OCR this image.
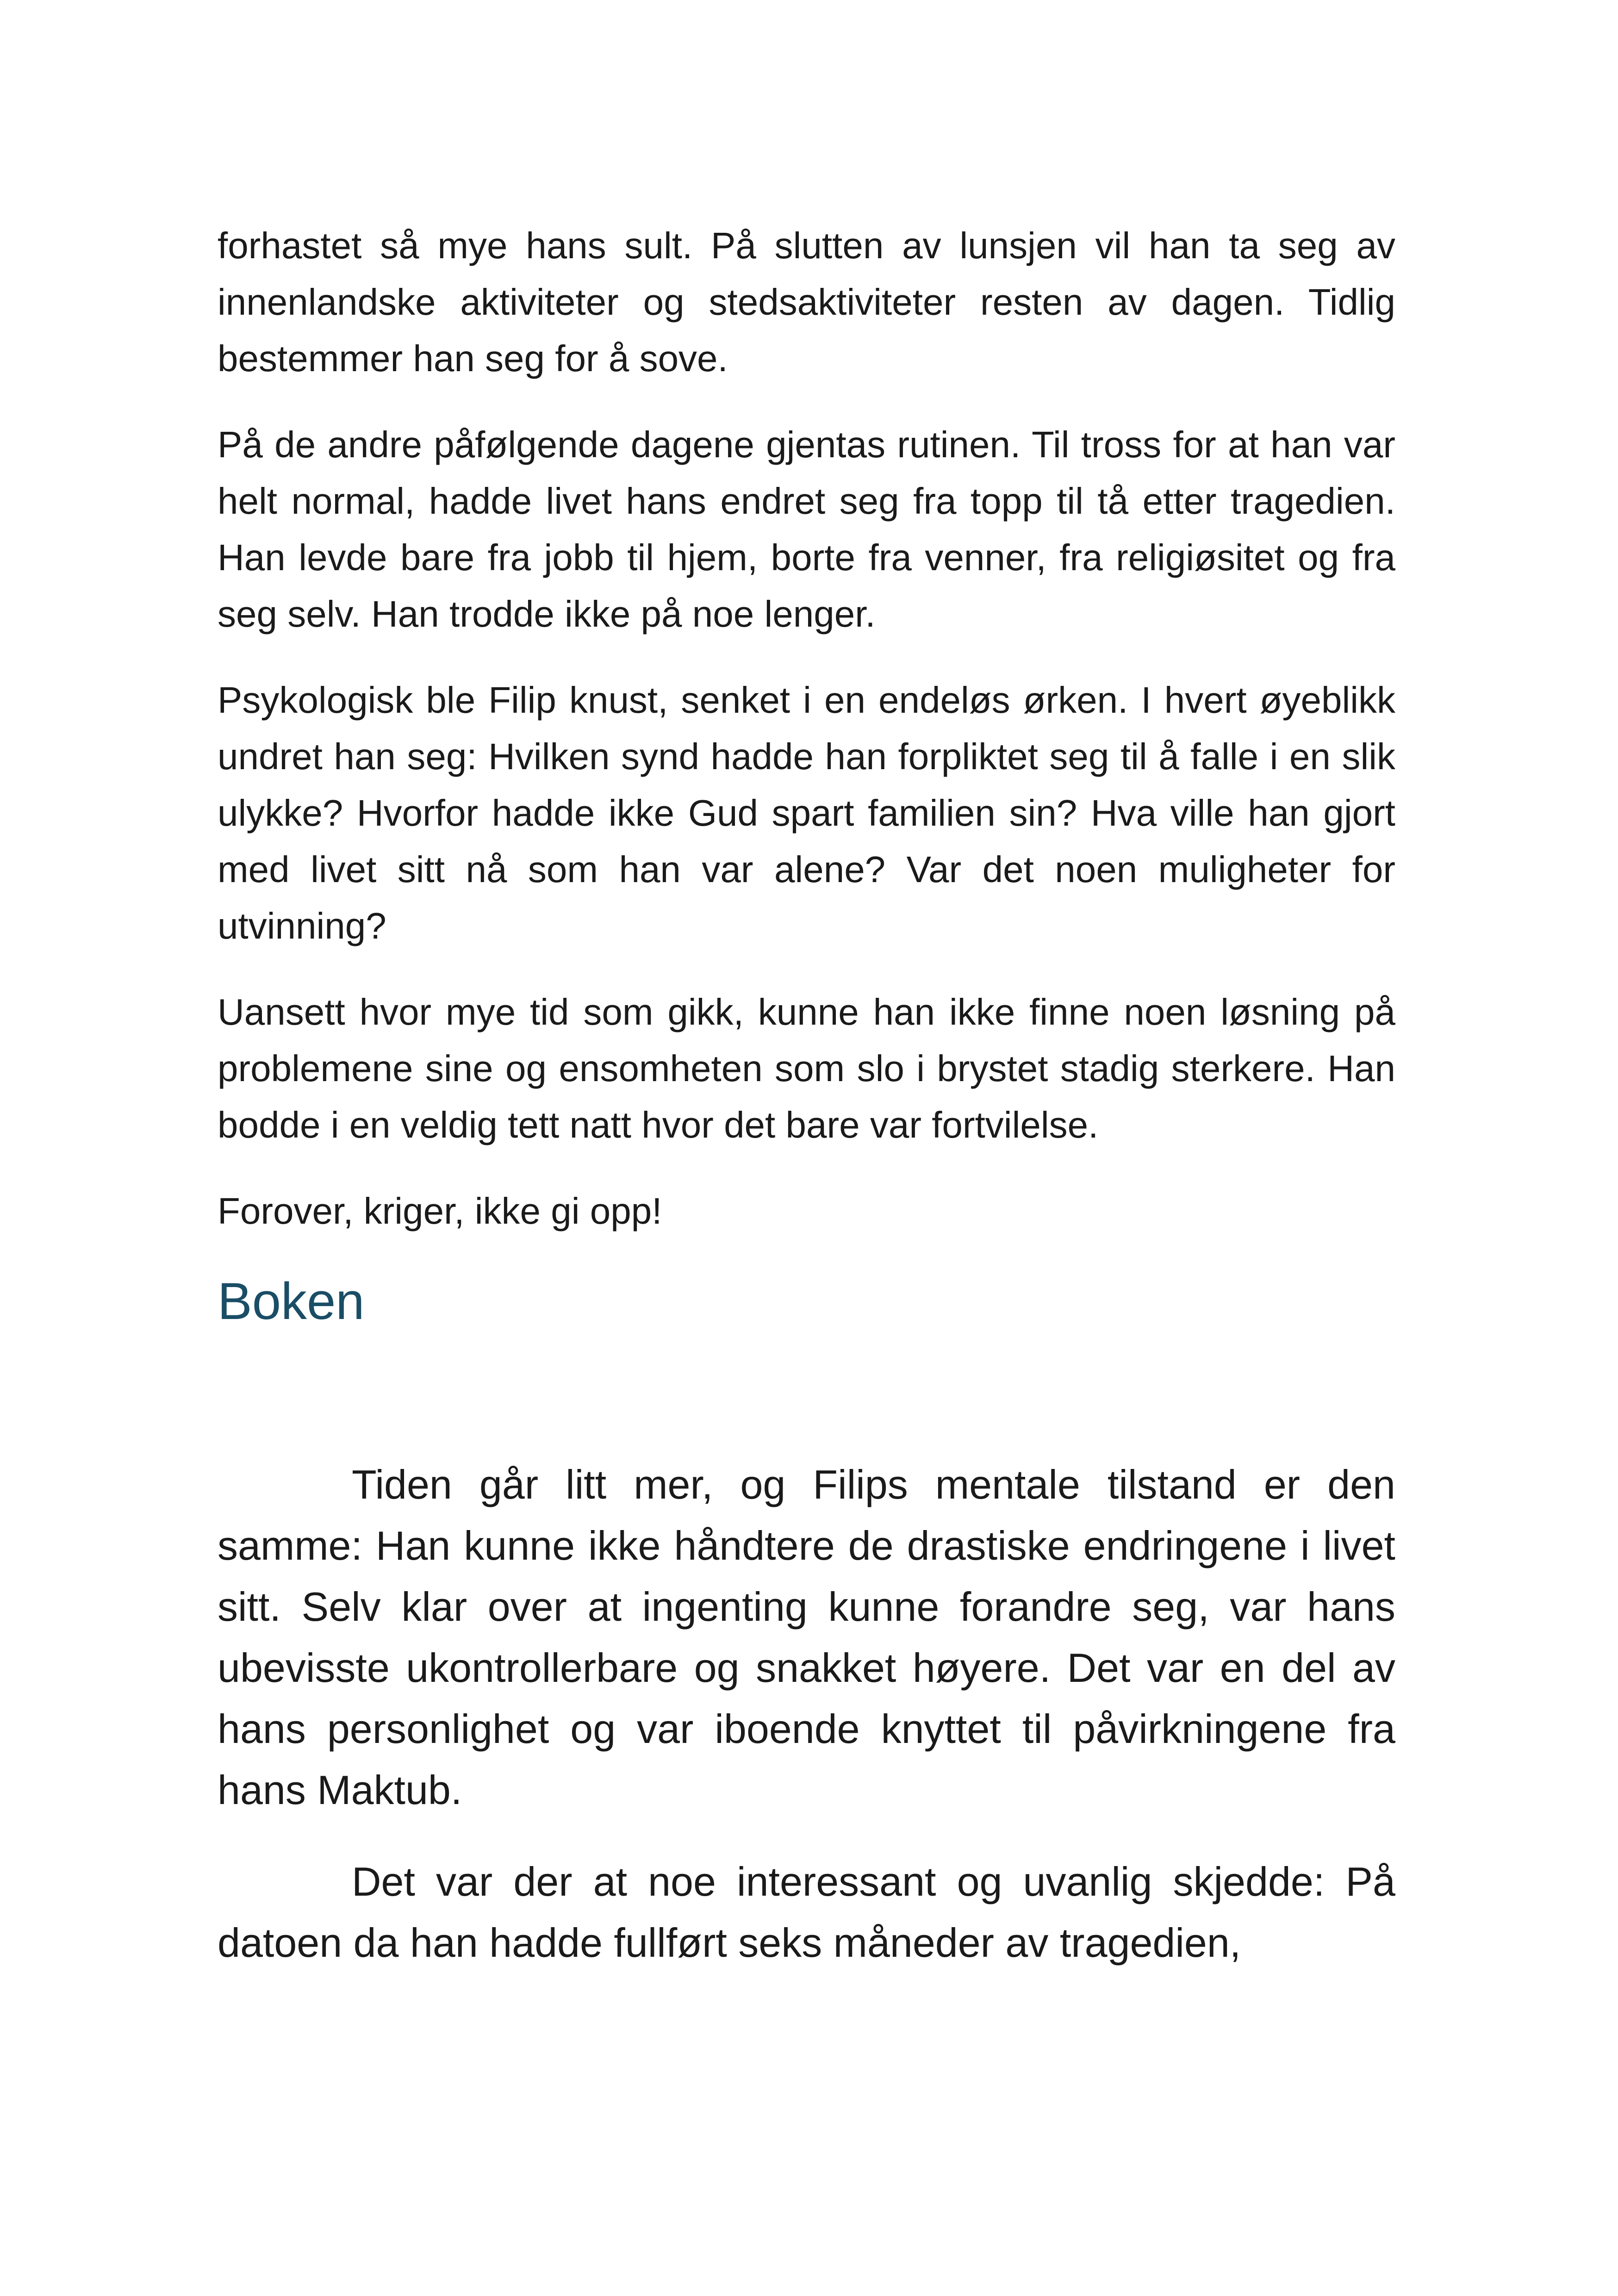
forhastet så mye hans sult. På slutten av lunsjen vil han ta seg av innenlandske aktiviteter og stedsaktiviteter resten av dagen. Tidlig bestemmer han seg for å sove.

På de andre påfølgende dagene gjentas rutinen. Til tross for at han var helt normal, hadde livet hans endret seg fra topp til tå etter tragedien. Han levde bare fra jobb til hjem, borte fra venner, fra religiøsitet og fra seg selv. Han trodde ikke på noe lenger.

Psykologisk ble Filip knust, senket i en endeløs ørken. I hvert øyeblikk undret han seg: Hvilken synd hadde han forpliktet seg til å falle i en slik ulykke? Hvorfor hadde ikke Gud spart familien sin? Hva ville han gjort med livet sitt nå som han var alene? Var det noen muligheter for utvinning?

Uansett hvor mye tid som gikk, kunne han ikke finne noen løsning på problemene sine og ensomheten som slo i brystet stadig sterkere. Han bodde i en veldig tett natt hvor det bare var fortvilelse.

Forover, kriger, ikke gi opp!

Boken

Tiden går litt mer, og Filips mentale tilstand er den samme: Han kunne ikke håndtere de drastiske endringene i livet sitt. Selv klar over at ingenting kunne forandre seg, var hans ubevisste ukontrollerbare og snakket høyere. Det var en del av hans personlighet og var iboende knyttet til påvirkningene fra hans Maktub.

Det var der at noe interessant og uvanlig skjedde: På datoen da han hadde fullført seks måneder av tragedien,
